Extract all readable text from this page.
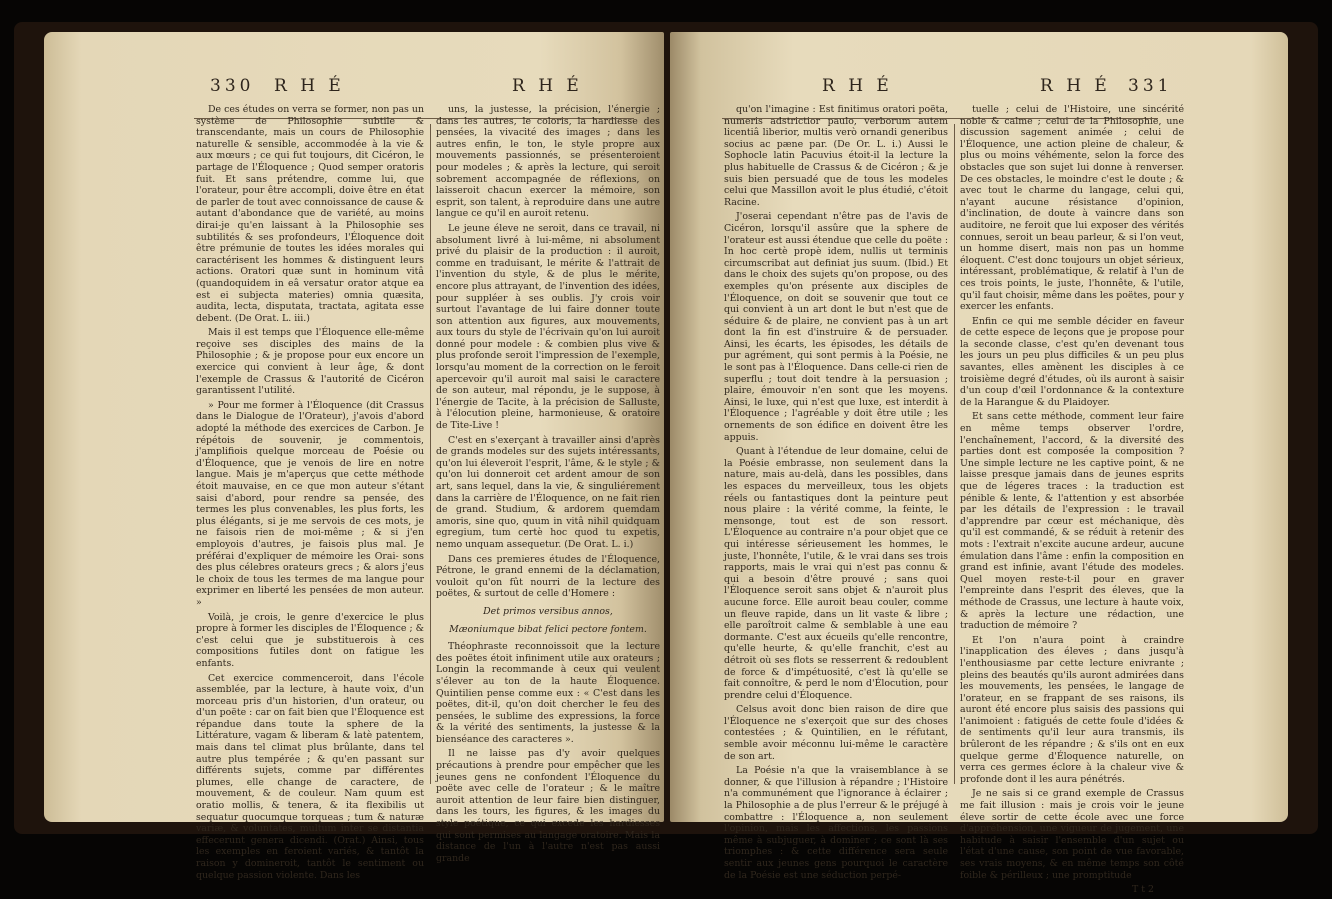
330 R H É	R H É

De ces études on verra se former, non pas un système de Philosophie subtile & transcendante, mais un cours de Philosophie naturelle & sensible, accommodée à la vie & aux mœurs ; ce qui fut toujours, dit Cicéron, le partage de l'Éloquence ; Quod semper oratoris fuit. Et sans prétendre, comme lui, que l'orateur, pour être accompli, doive être en état de parler de tout avec connoissance de cause & autant d'abondance que de variété, au moins dirai-je qu'en laissant à la Philosophie ses subtilités & ses profondeurs, l'Éloquence doit être prémunie de toutes les idées morales qui caractérisent les hommes & distinguent leurs actions. Oratori quæ sunt in hominum vitâ (quandoquidem in eâ versatur orator atque ea est ei subjecta materies) omnia quæsita, audita, lecta, disputata, tractata, agitata esse debent. (De Orat. L. iii.)

Mais il est temps que l'Éloquence elle-même reçoive ses disciples des mains de la Philosophie ; & je propose pour eux encore un exercice qui convient à leur âge, & dont l'exemple de Crassus & l'autorité de Cicéron garantissent l'utilité.

» Pour me former à l'Éloquence (dit Crassus dans le Dialogue de l'Orateur), j'avois d'abord adopté la méthode des exercices de Carbon. Je répétois de souvenir, je commentois, j'amplifiois quelque morceau de Poésie ou d'Éloquence, que je venois de lire en notre langue. Mais je m'aperçus que cette méthode étoit mauvaise, en ce que mon auteur s'étant saisi d'abord, pour rendre sa pensée, des termes les plus convenables, les plus forts, les plus élégants, si je me servois de ces mots, je ne faisois rien de moi-même ; & si j'en employois d'autres, je faisois plus mal. Je préférai d'expliquer de mémoire les Orai- sons des plus célebres orateurs grecs ; & alors j'eus le choix de tous les termes de ma langue pour exprimer en liberté les pensées de mon auteur. »

Voilà, je crois, le genre d'exercice le plus propre à former les disciples de l'Éloquence ; & c'est celui que je substituerois à ces compositions futiles dont on fatigue les enfants.

Cet exercice commenceroit, dans l'école assemblée, par la lecture, à haute voix, d'un morceau pris d'un historien, d'un orateur, ou d'un poëte : car on fait bien que l'Éloquence est répandue dans toute la sphere de la Littérature, vagam & liberam & latè patentem, mais dans tel climat plus brûlante, dans tel autre plus tempérée ; & qu'en passant sur différents sujets, comme par différentes plumes, elle change de caractere, de mouvement, & de couleur. Nam quum est oratio mollis, & tenera, & ita flexibilis ut sequatur quocumque torqueas ; tum & naturæ variæ, & voluntates, multum inter se distantia effecerunt genera dicendi. (Orat.) Ainsi, tous les exemples en feroient variés, & tantôt la raison y domineroit, tantôt le sentiment ou quelque passion violente. Dans les

uns, la justesse, la précision, l'énergie ; dans les autres, le coloris, la hardiesse des pensées, la vivacité des images ; dans les autres enfin, le ton, le style propre aux mouvements passionnés, se présenteroient pour modeles ; & après la lecture, qui seroit sobrement accompagnée de réflexions, on laisseroit chacun exercer la mémoire, son esprit, son talent, à reproduire dans une autre langue ce qu'il en auroit retenu.

Le jeune éleve ne seroit, dans ce travail, ni absolument livré à lui-même, ni absolument privé du plaisir de la production : il auroit, comme en traduisant, le mérite & l'attrait de l'invention du style, & de plus le mérite, encore plus attrayant, de l'invention des idées, pour suppléer à ses oublis. J'y crois voir surtout l'avantage de lui faire donner toute son attention aux figures, aux mouvements, aux tours du style de l'écrivain qu'on lui auroit donné pour modele : & combien plus vive & plus profonde seroit l'impression de l'exemple, lorsqu'au moment de la correction on le feroit apercevoir qu'il auroit mal saisi le caractere de son auteur, mal répondu, je le suppose, à l'énergie de Tacite, à la précision de Salluste, à l'élocution pleine, harmonieuse, & oratoire de Tite-Live !

C'est en s'exerçant à travailler ainsi d'après de grands modeles sur des sujets intéressants, qu'on lui éleveroit l'esprit, l'âme, & le style ; & qu'on lui donneroit cet ardent amour de son art, sans lequel, dans la vie, & singuliérement dans la carrière de l'Éloquence, on ne fait rien de grand. Studium, & ardorem quemdam amoris, sine quo, quum in vitâ nihil quidquam egregium, tum certè hoc quod tu expetis, nemo unquam assequetur. (De Orat. L. i.)

Dans ces premieres études de l'Éloquence, Pétrone, le grand ennemi de la déclamation, vouloit qu'on fût nourri de la lecture des poëtes, & surtout de celle d'Homere :

Det primos versibus annos,

Mæoniumque bibat felici pectore fontem.

Théophraste reconnoissoit que la lecture des poëtes étoit infiniment utile aux orateurs ; Longin la recommande à ceux qui veulent s'élever au ton de la haute Éloquence. Quintilien pense comme eux : « C'est dans les poëtes, dit-il, qu'on doit chercher le feu des pensées, le sublime des expressions, la force & la vérité des sentiments, la justesse & la bienséance des caracteres ».

Il ne laisse pas d'y avoir quelques précautions à prendre pour empêcher que les jeunes gens ne confondent l'Éloquence du poëte avec celle de l'orateur ; & le maître auroit attention de leur faire bien distinguer, dans les tours, les figures, & les images du style poétique, ce qui excede les hardiesses qui sont permises au langage oratoire. Mais la distance de l'un à l'autre n'est pas aussi grande

R H É	R H É 331

qu'on l'imagine : Est finitimus oratori poëta, numeris adstrictior paulo, verborum autem licentiâ liberior, multis verò ornandi generibus socius ac pæne par. (De Or. L. i.) Aussi le Sophocle latin Pacuvius étoit-il la lecture la plus habituelle de Crassus & de Cicéron ; & je suis bien persuadé que de tous les modeles celui que Massillon avoit le plus étudié, c'étoit Racine.

J'oserai cependant n'être pas de l'avis de Cicéron, lorsqu'il assûre que la sphere de l'orateur est aussi étendue que celle du poëte : In hoc certè propè idem, nullis ut terminis circumscribat aut definiat jus suum. (Ibid.) Et dans le choix des sujets qu'on propose, ou des exemples qu'on présente aux disciples de l'Éloquence, on doit se souvenir que tout ce qui convient à un art dont le but n'est que de séduire & de plaire, ne convient pas à un art dont la fin est d'instruire & de persuader. Ainsi, les écarts, les épisodes, les détails de pur agrément, qui sont permis à la Poésie, ne le sont pas à l'Éloquence. Dans celle-ci rien de superflu ; tout doit tendre à la persuasion ; plaire, émouvoir n'en sont que les moyens. Ainsi, le luxe, qui n'est que luxe, est interdit à l'Éloquence ; l'agréable y doit être utile ; les ornements de son édifice en doivent être les appuis.

Quant à l'étendue de leur domaine, celui de la Poésie embrasse, non seulement dans la nature, mais au-delà, dans les possibles, dans les espaces du merveilleux, tous les objets réels ou fantastiques dont la peinture peut nous plaire : la vérité comme, la feinte, le mensonge, tout est de son ressort. L'Éloquence au contraire n'a pour objet que ce qui intéresse sérieusement les hommes, le juste, l'honnête, l'utile, & le vrai dans ses trois rapports, mais le vrai qui n'est pas connu & qui a besoin d'être prouvé ; sans quoi l'Éloquence seroit sans objet & n'auroit plus aucune force. Elle auroit beau couler, comme un fleuve rapide, dans un lit vaste & libre ; elle paroîtroit calme & semblable à une eau dormante. C'est aux écueils qu'elle rencontre, qu'elle heurte, & qu'elle franchit, c'est au détroit où ses flots se resserrent & redoublent de force & d'impétuosité, c'est là qu'elle se fait connoître, & perd le nom d'Élocution, pour prendre celui d'Éloquence.

Celsus avoit donc bien raison de dire que l'Éloquence ne s'exerçoit que sur des choses contestées ; & Quintilien, en le réfutant, semble avoir méconnu lui-même le caractère de son art.

La Poésie n'a que la vraisemblance à se donner, & que l'illusion à répandre ; l'Histoire n'a communément que l'ignorance à éclairer ; la Philosophie a de plus l'erreur & le préjugé à combattre : l'Éloquence a, non seulement l'opinion, mais les affections, les passions même à subjuguer, à dominer ; ce sont là ses triomphes : & cette différence sera seule sentir aux jeunes gens pourquoi le caractère de la Poésie est une séduction perpé-

tuelle ; celui de l'Histoire, une sincérité noble & calme ; celui de la Philosophie, une discussion sagement animée ; celui de l'Éloquence, une action pleine de chaleur, & plus ou moins véhémente, selon la force des obstacles que son sujet lui donne à renverser. De ces obstacles, le moindre c'est le doute ; & avec tout le charme du langage, celui qui, n'ayant aucune résistance d'opinion, d'inclination, de doute à vaincre dans son auditoire, ne feroit que lui exposer des vérités connues, seroit un beau parleur, & si l'on veut, un homme disert, mais non pas un homme éloquent. C'est donc toujours un objet sérieux, intéressant, problématique, & relatif à l'un de ces trois points, le juste, l'honnête, & l'utile, qu'il faut choisir, même dans les poëtes, pour y exercer les enfants.

Enfin ce qui me semble décider en faveur de cette espece de leçons que je propose pour la seconde classe, c'est qu'en devenant tous les jours un peu plus difficiles & un peu plus savantes, elles amènent les disciples à ce troisième degré d'études, où ils auront à saisir d'un coup d'œil l'ordonnance & la contexture de la Harangue & du Plaidoyer.

Et sans cette méthode, comment leur faire en même temps observer l'ordre, l'enchaînement, l'accord, & la diversité des parties dont est composée la composition ? Une simple lecture ne les captive point, & ne laisse presque jamais dans de jeunes esprits que de légeres traces : la traduction est pénible & lente, & l'attention y est absorbée par les détails de l'expression : le travail d'apprendre par cœur est méchanique, dès qu'il est commandé, & se réduit à retenir des mots : l'extrait n'excite aucune ardeur, aucune émulation dans l'âme : enfin la composition en grand est infinie, avant l'étude des modeles. Quel moyen reste-t-il pour en graver l'empreinte dans l'esprit des éleves, que la méthode de Crassus, une lecture à haute voix, & après la lecture une rédaction, une traduction de mémoire ?

Et l'on n'aura point à craindre l'inapplication des éleves ; dans jusqu'à l'enthousiasme par cette lecture enivrante ; pleins des beautés qu'ils auront admirées dans les mouvements, les pensées, le langage de l'orateur, en se frappant de ses raisons, ils auront été encore plus saisis des passions qui l'animoient : fatigués de cette foule d'idées & de sentiments qu'il leur aura transmis, ils brûleront de les répandre ; & s'ils ont en eux quelque germe d'Éloquence naturelle, on verra ces germes éclore à la chaleur vive & profonde dont il les aura pénétrés.

Je ne sais si ce grand exemple de Crassus me fait illusion : mais je crois voir le jeune éleve sortir de cette école avec une force d'appréhension, une vigueur de jugement, une habitude à saisir l'ensemble d'un sujet ou l'état d'une cause, son point de vue favorable, ses vrais moyens, & en même temps son côté foible & périlleux ; une promptitude

T t 2
